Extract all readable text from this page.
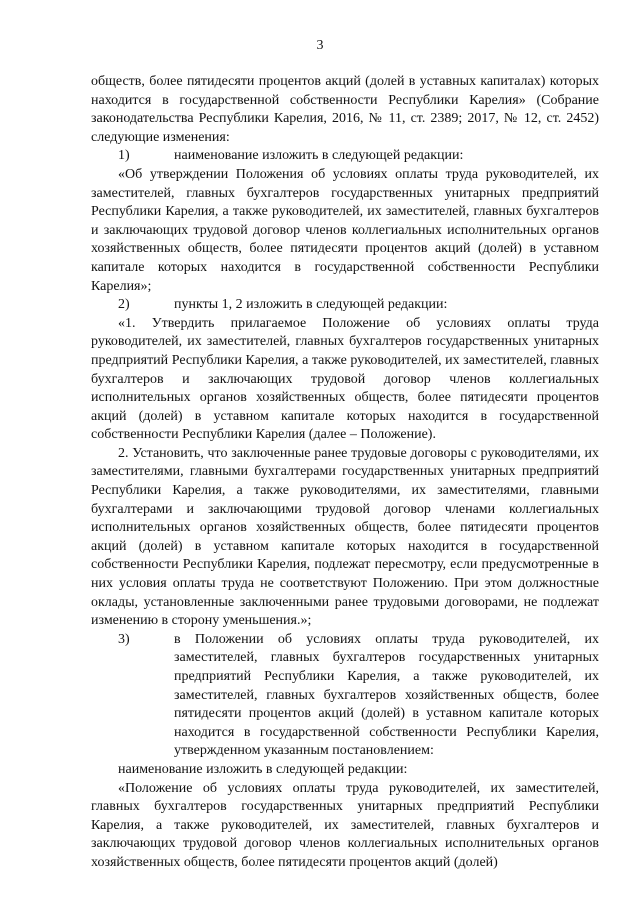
3

обществ, более пятидесяти процентов акций (долей в уставных капиталах) которых находится в государственной собственности Республики Карелия» (Собрание законодательства Республики Карелия, 2016, № 11, ст. 2389; 2017, № 12, ст. 2452) следующие изменения:

1)	наименование изложить в следующей редакции:

«Об утверждении Положения об условиях оплаты труда руководителей, их заместителей, главных бухгалтеров государственных унитарных предприятий Республики Карелия, а также руководителей, их заместителей, главных бухгалтеров и заключающих трудовой договор членов коллегиальных исполнительных органов хозяйственных обществ, более пятидесяти процентов акций (долей) в уставном капитале которых находится в государственной собственности Республики Карелия»;

2)	пункты 1, 2 изложить в следующей редакции:

«1. Утвердить прилагаемое Положение об условиях оплаты труда руководителей, их заместителей, главных бухгалтеров государственных унитарных предприятий Республики Карелия, а также руководителей, их заместителей, главных бухгалтеров и заключающих трудовой договор членов коллегиальных исполнительных органов хозяйственных обществ, более пятидесяти процентов акций (долей) в уставном капитале которых находится в государственной собственности Республики Карелия (далее – Положение).

2. Установить, что заключенные ранее трудовые договоры с руководителями, их заместителями, главными бухгалтерами государственных унитарных предприятий Республики Карелия, а также руководителями, их заместителями, главными бухгалтерами и заключающими трудовой договор членами коллегиальных исполнительных органов хозяйственных обществ, более пятидесяти процентов акций (долей) в уставном капитале которых находится в государственной собственности Республики Карелия, подлежат пересмотру, если предусмотренные в них условия оплаты труда не соответствуют Положению. При этом должностные оклады, установленные заключенными ранее трудовыми договорами, не подлежат изменению в сторону уменьшения.»;

3)	в Положении об условиях оплаты труда руководителей, их заместителей, главных бухгалтеров государственных унитарных предприятий Республики Карелия, а также руководителей, их заместителей, главных бухгалтеров хозяйственных обществ, более пятидесяти процентов акций (долей) в уставном капитале которых находится в государственной собственности Республики Карелия, утвержденном указанным постановлением:

наименование изложить в следующей редакции:

«Положение об условиях оплаты труда руководителей, их заместителей, главных бухгалтеров государственных унитарных предприятий Республики Карелия, а также руководителей, их заместителей, главных бухгалтеров и заключающих трудовой договор членов коллегиальных исполнительных органов хозяйственных обществ, более пятидесяти процентов акций (долей)
